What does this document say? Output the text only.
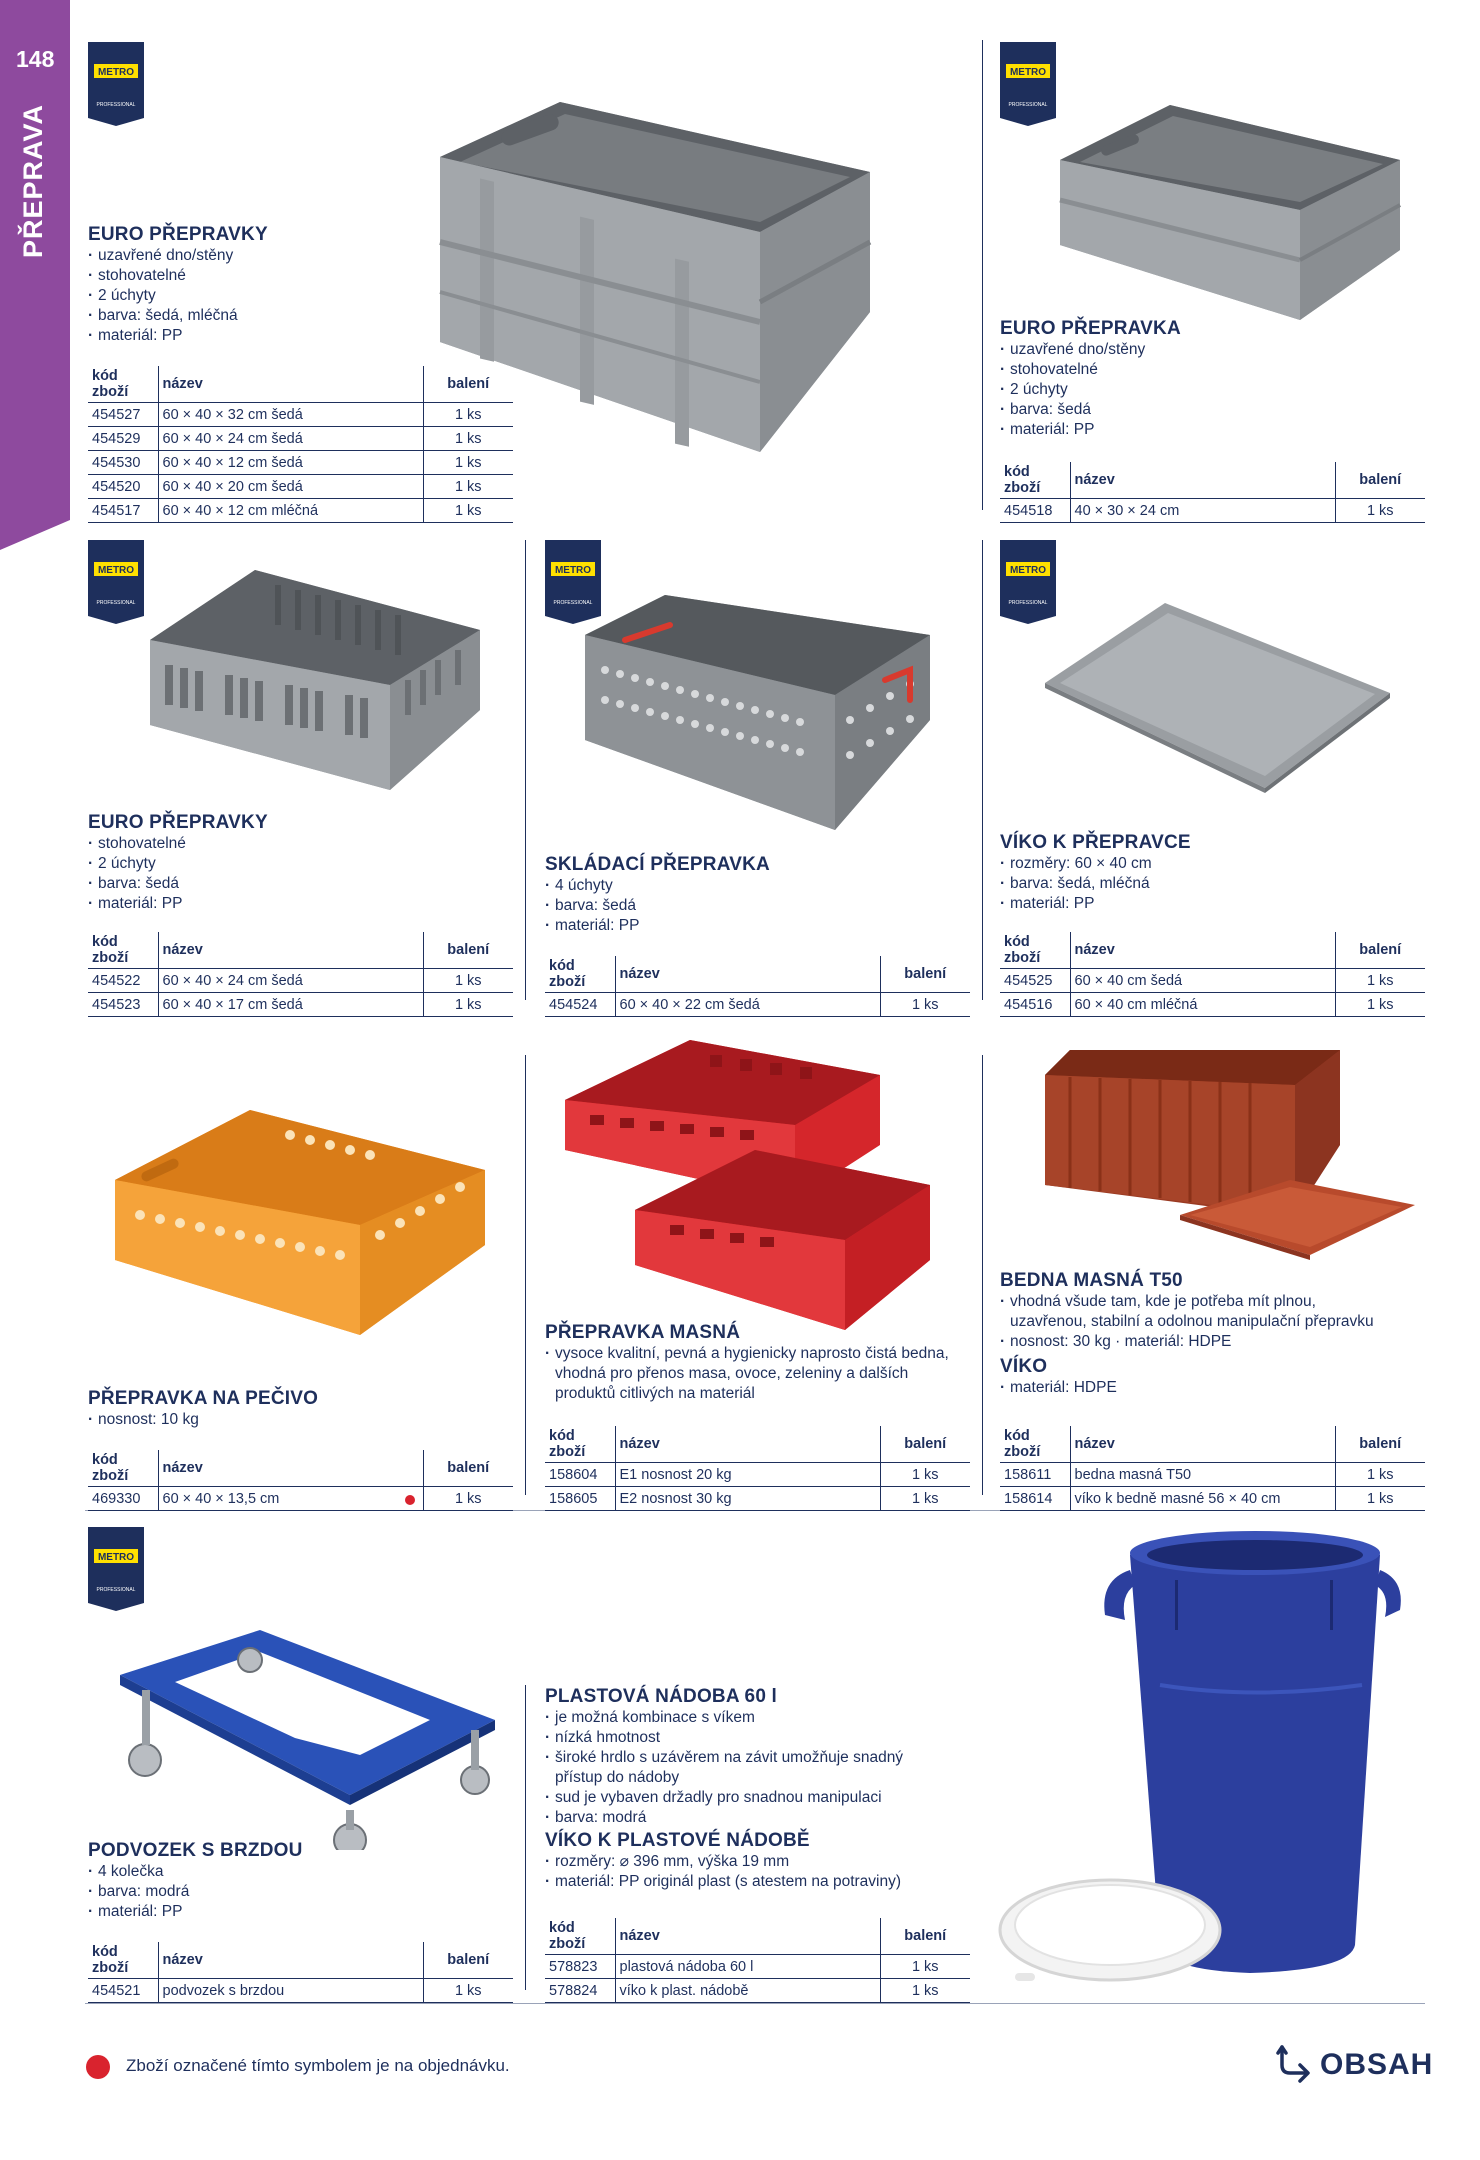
148
PŘEPRAVA
METRO
PROFESSIONAL
METRO
PROFESSIONAL
METRO
PROFESSIONAL
METRO
PROFESSIONAL
METRO
PROFESSIONAL
METRO
PROFESSIONAL
EURO PŘEPRAVKY
· uzavřené dno/stěny
· stohovatelné
· 2 úchyty
· barva: šedá, mléčná
· materiál: PP
kód zboží	název	balení
454527	60 × 40 × 32 cm šedá	1 ks
454529	60 × 40 × 24 cm šedá	1 ks
454530	60 × 40 × 12 cm šedá	1 ks
454520	60 × 40 × 20 cm šedá	1 ks
454517	60 × 40 × 12 cm mléčná	1 ks
EURO PŘEPRAVKA
· uzavřené dno/stěny
· stohovatelné
· 2 úchyty
· barva: šedá
· materiál: PP
kód zboží	název	balení
454518	40 × 30 × 24 cm	1 ks
EURO PŘEPRAVKY
· stohovatelné
· 2 úchyty
· barva: šedá
· materiál: PP
kód zboží	název	balení
454522	60 × 40 × 24 cm šedá	1 ks
454523	60 × 40 × 17 cm šedá	1 ks
SKLÁDACÍ PŘEPRAVKA
· 4 úchyty
· barva: šedá
· materiál: PP
kód zboží	název	balení
454524	60 × 40 × 22 cm šedá	1 ks
VÍKO K PŘEPRAVCE
· rozměry: 60 × 40 cm
· barva: šedá, mléčná
· materiál: PP
kód zboží	název	balení
454525	60 × 40 cm šedá	1 ks
454516	60 × 40 cm mléčná	1 ks
PŘEPRAVKA NA PEČIVO
· nosnost: 10 kg
kód zboží	název	balení
469330	60 × 40 × 13,5 cm	1 ks
PŘEPRAVKA MASNÁ
· vysoce kvalitní, pevná a hygienicky naprosto čistá bedna,
vhodná pro přenos masa, ovoce, zeleniny a dalších
produktů citlivých na materiál
kód zboží	název	balení
158604	E1 nosnost 20 kg	1 ks
158605	E2 nosnost 30 kg	1 ks
BEDNA MASNÁ T50
· vhodná všude tam, kde je potřeba mít plnou,
uzavřenou, stabilní a odolnou manipulační přepravku
· nosnost: 30 kg · materiál: HDPE
VÍKO
· materiál: HDPE
kód zboží	název	balení
158611	bedna masná T50	1 ks
158614	víko k bedně masné 56 × 40 cm	1 ks
PODVOZEK S BRZDOU
· 4 kolečka
· barva: modrá
· materiál: PP
kód zboží	název	balení
454521	podvozek s brzdou	1 ks
PLASTOVÁ NÁDOBA 60 l
· je možná kombinace s víkem
· nízká hmotnost
· široké hrdlo s uzávěrem na závit umožňuje snadný
přístup do nádoby
· sud je vybaven držadly pro snadnou manipulaci
· barva: modrá
VÍKO K PLASTOVÉ NÁDOBĚ
· rozměry: ⌀ 396 mm, výška 19 mm
· materiál: PP originál plast (s atestem na potraviny)
kód zboží	název	balení
578823	plastová nádoba 60 l	1 ks
578824	víko k plast. nádobě	1 ks
Zboží označené tímto symbolem je na objednávku.	OBSAH
